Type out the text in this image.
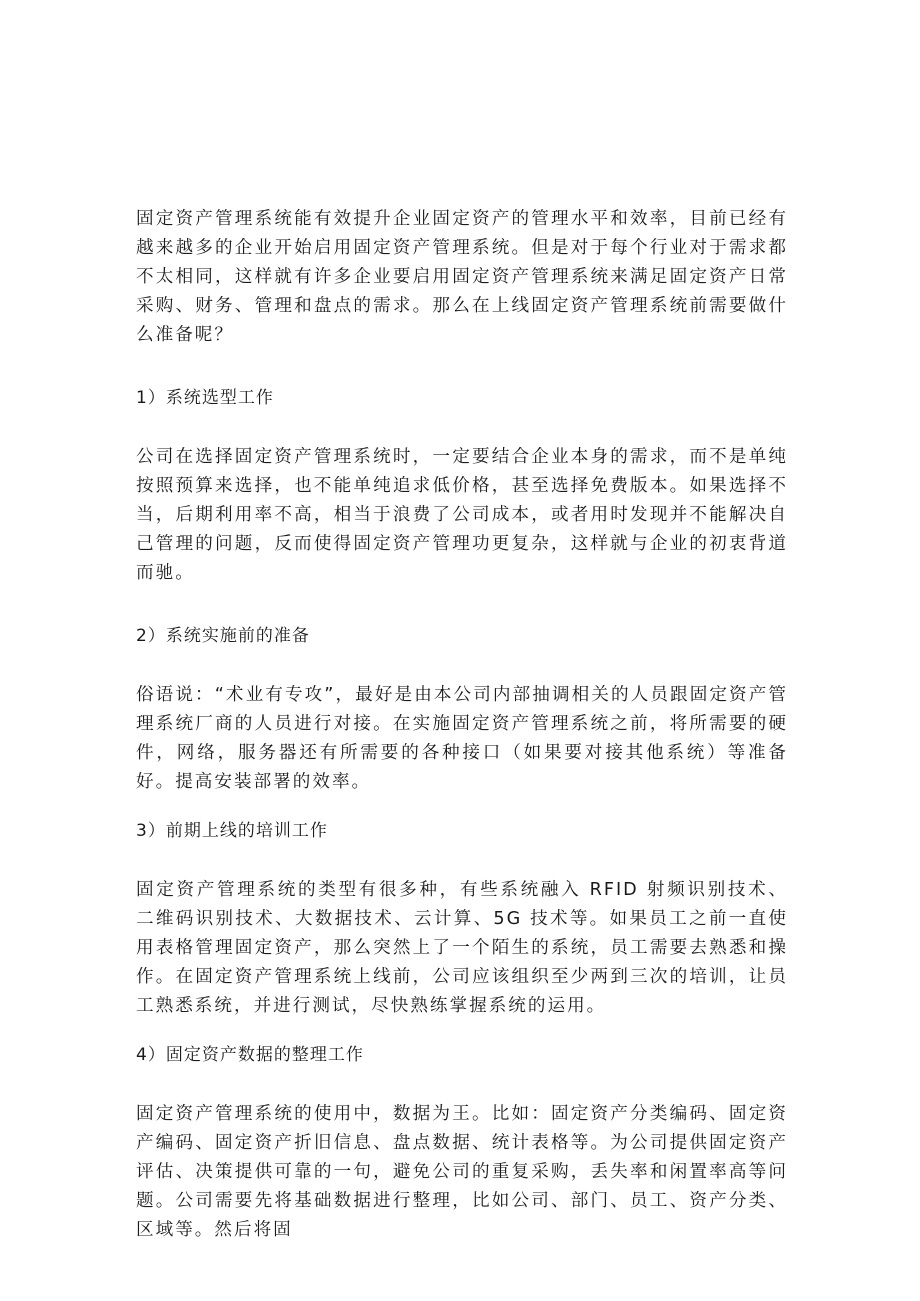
固定资产管理系统能有效提升企业固定资产的管理水平和效率，目前已经有越来越多的企业开始启用固定资产管理系统。但是对于每个行业对于需求都不太相同，这样就有许多企业要启用固定资产管理系统来满足固定资产日常采购、财务、管理和盘点的需求。那么在上线固定资产管理系统前需要做什么准备呢？

1）系统选型工作

公司在选择固定资产管理系统时，一定要结合企业本身的需求，而不是单纯按照预算来选择，也不能单纯追求低价格，甚至选择免费版本。如果选择不当，后期利用率不高，相当于浪费了公司成本，或者用时发现并不能解决自己管理的问题，反而使得固定资产管理功更复杂，这样就与企业的初衷背道而驰。

2）系统实施前的准备

俗语说：“术业有专攻”，最好是由本公司内部抽调相关的人员跟固定资产管理系统厂商的人员进行对接。在实施固定资产管理系统之前，将所需要的硬件，网络，服务器还有所需要的各种接口（如果要对接其他系统）等准备好。提高安装部署的效率。

3）前期上线的培训工作

固定资产管理系统的类型有很多种，有些系统融入 RFID 射频识别技术、二维码识别技术、大数据技术、云计算、5G 技术等。如果员工之前一直使用表格管理固定资产，那么突然上了一个陌生的系统，员工需要去熟悉和操作。在固定资产管理系统上线前，公司应该组织至少两到三次的培训，让员工熟悉系统，并进行测试，尽快熟练掌握系统的运用。

4）固定资产数据的整理工作

固定资产管理系统的使用中，数据为王。比如：固定资产分类编码、固定资产编码、固定资产折旧信息、盘点数据、统计表格等。为公司提供固定资产评估、决策提供可靠的一句，避免公司的重复采购，丢失率和闲置率高等问题。公司需要先将基础数据进行整理，比如公司、部门、员工、资产分类、区域等。然后将固
